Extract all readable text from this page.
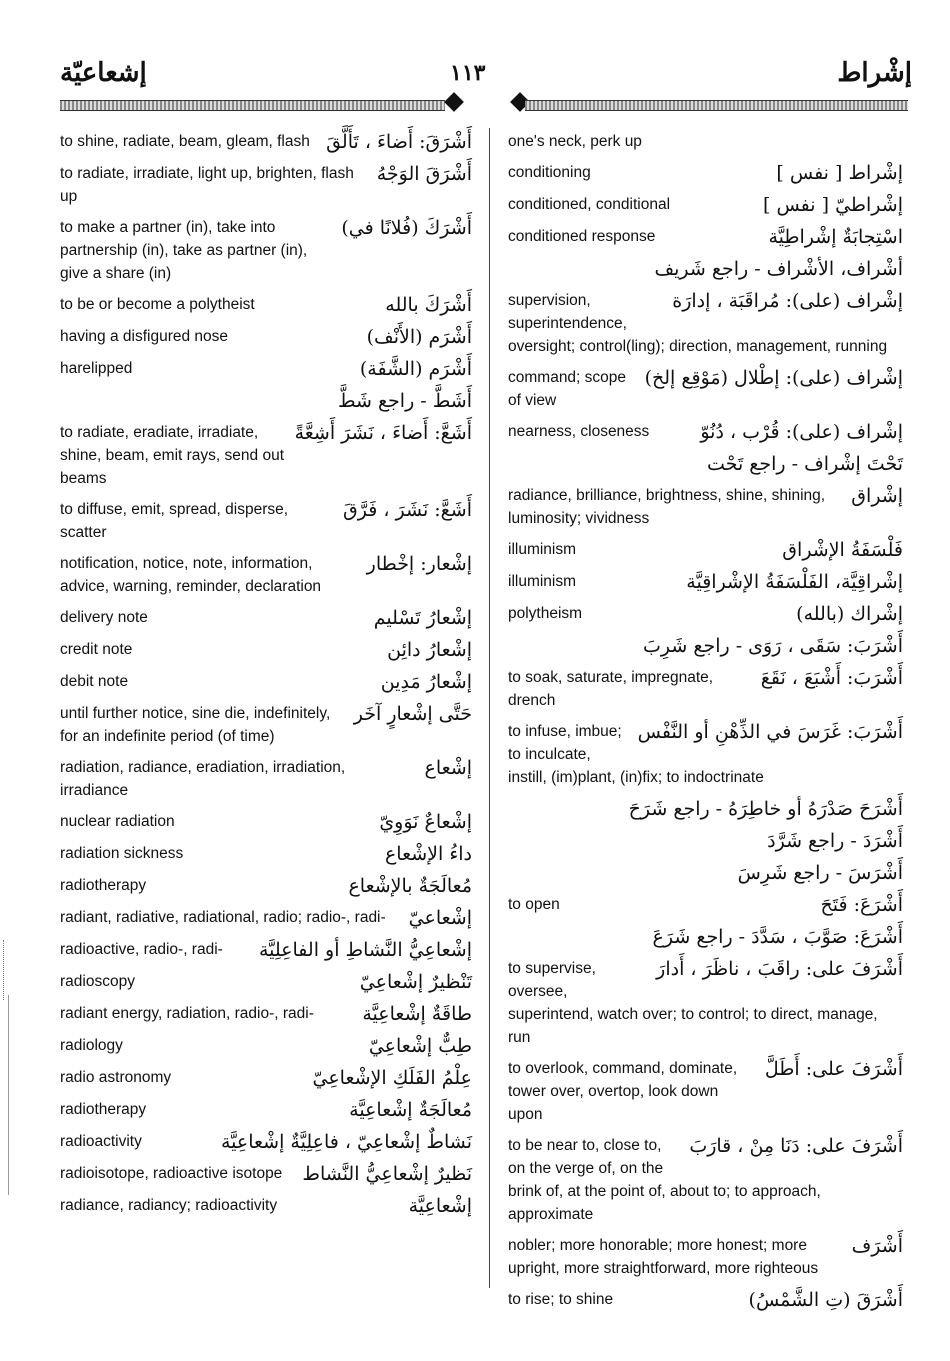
إشعاعيّة	١١٣	إشْراط
أَشْرَقَ: أَضاءَ ، تَأَلَّقَ
to shine, radiate, beam, gleam, flash
أَشْرَقَ الوَجْهُ
to radiate, irradiate, light up, brighten, flash up
أَشْرَكَ (فُلانًا في)
to make a partner (in), take into partnership (in), take as partner (in), give a share (in)
أَشْرَكَ بالله
to be or become a polytheist
أَشْرَم (الأَنْف)
having a disfigured nose
أَشْرَم (الشَّفَة)
harelipped
أَشَطَّ - راجع شَطَّ
أَشَعَّ: أَضاءَ ، نَشَرَ أَشِعَّةً
to radiate, eradiate, irradiate, shine, beam, emit rays, send out beams
أَشَعَّ: نَشَرَ ، فَرَّقَ
to diffuse, emit, spread, disperse, scatter
إشْعار: إخْطار
notification, notice, note, information, advice, warning, reminder, declaration
إشْعارُ تَسْليم
delivery note
إشْعارُ دائِن
credit note
إشْعارُ مَدِين
debit note
حَتَّى إشْعارٍ آخَر
until further notice, sine die, indefinitely, for an indefinite period (of time)
إشْعاع
radiation, radiance, eradiation, irradiation, irradiance
إشْعاعٌ نَوَوِيّ
nuclear radiation
داءُ الإشْعاع
radiation sickness
مُعالَجَةٌ بالإشْعاع
radiotherapy
إشْعاعيّ
radiant, radiative, radiational, radio; radio-, radi-
إشْعاعِيُّ النَّشاطِ أو الفاعِلِيَّة
radioactive, radio-, radi-
تَنْظيرٌ إشْعاعِيّ
radioscopy
طاقَةٌ إشْعاعِيَّة
radiant energy, radiation, radio-, radi-
طِبٌّ إشْعاعِيّ
radiology
عِلْمُ الفَلَكِ الإشْعاعِيّ
radio astronomy
مُعالَجَةٌ إشْعاعِيَّة
radiotherapy
نَشاطٌ إشْعاعِيّ ، فاعِلِيَّةٌ إشْعاعِيَّة
radioactivity
نَظيرٌ إشْعاعِيُّ النَّشاط
radioisotope, radioactive isotope
إشْعاعِيَّة
radiance, radiancy; radioactivity
one's neck, perk up
إشْراط [ نفس ]
conditioning
إشْراطيّ [ نفس ]
conditioned, conditional
اسْتِجابَةٌ إشْراطِيَّة
conditioned response
أشْراف، الأشْراف - راجع شَريف
إشْراف (على): مُراقَبَة ، إدارَة
supervision, superintendence, oversight; control(ling); direction, management, running
إشْراف (على): إطْلال (مَوْقِع إلخ)
command; scope of view
إشْراف (على): قُرْب ، دُنُوّ
nearness, closeness
تَحْتَ إشْراف - راجع تَحْت
إشْراق
radiance, brilliance, brightness, shine, shining, luminosity; vividness
فَلْسَفَةُ الإشْراق
illuminism
إشْراقِيَّة، الفَلْسَفَةُ الإشْراقِيَّة
illuminism
إشْراك (بالله)
polytheism
أَشْرَبَ: سَقَى ، رَوَى - راجع شَرِبَ
أَشْرَبَ: أَشْبَعَ ، نَقَعَ
to soak, saturate, impregnate, drench
أَشْرَبَ: غَرَسَ في الذِّهْنِ أو النَّفْس
to infuse, imbue; to inculcate, instill, (im)plant, (in)fix; to indoctrinate
أَشْرَحَ صَدْرَهُ أو خاطِرَهُ - راجع شَرَحَ
أَشْرَدَ - راجع شَرَّدَ
أَشْرَسَ - راجع شَرِسَ
أَشْرَعَ: فَتَحَ
to open
أَشْرَعَ: صَوَّبَ ، سَدَّدَ - راجع شَرَعَ
أَشْرَفَ على: راقَبَ ، ناظَرَ ، أَدارَ
to supervise, oversee, superintend, watch over; to control; to direct, manage, run
أَشْرَفَ على: أَطَلَّ
to overlook, command, dominate, tower over, overtop, look down upon
أَشْرَفَ على: دَنَا مِنْ ، قارَبَ
to be near to, close to, on the verge of, on the brink of, at the point of, about to; to approach, approximate
أَشْرَف
nobler; more honorable; more honest; more upright, more straightforward, more righteous
أَشْرَقَ (تِ الشَّمْسُ)
to rise; to shine
